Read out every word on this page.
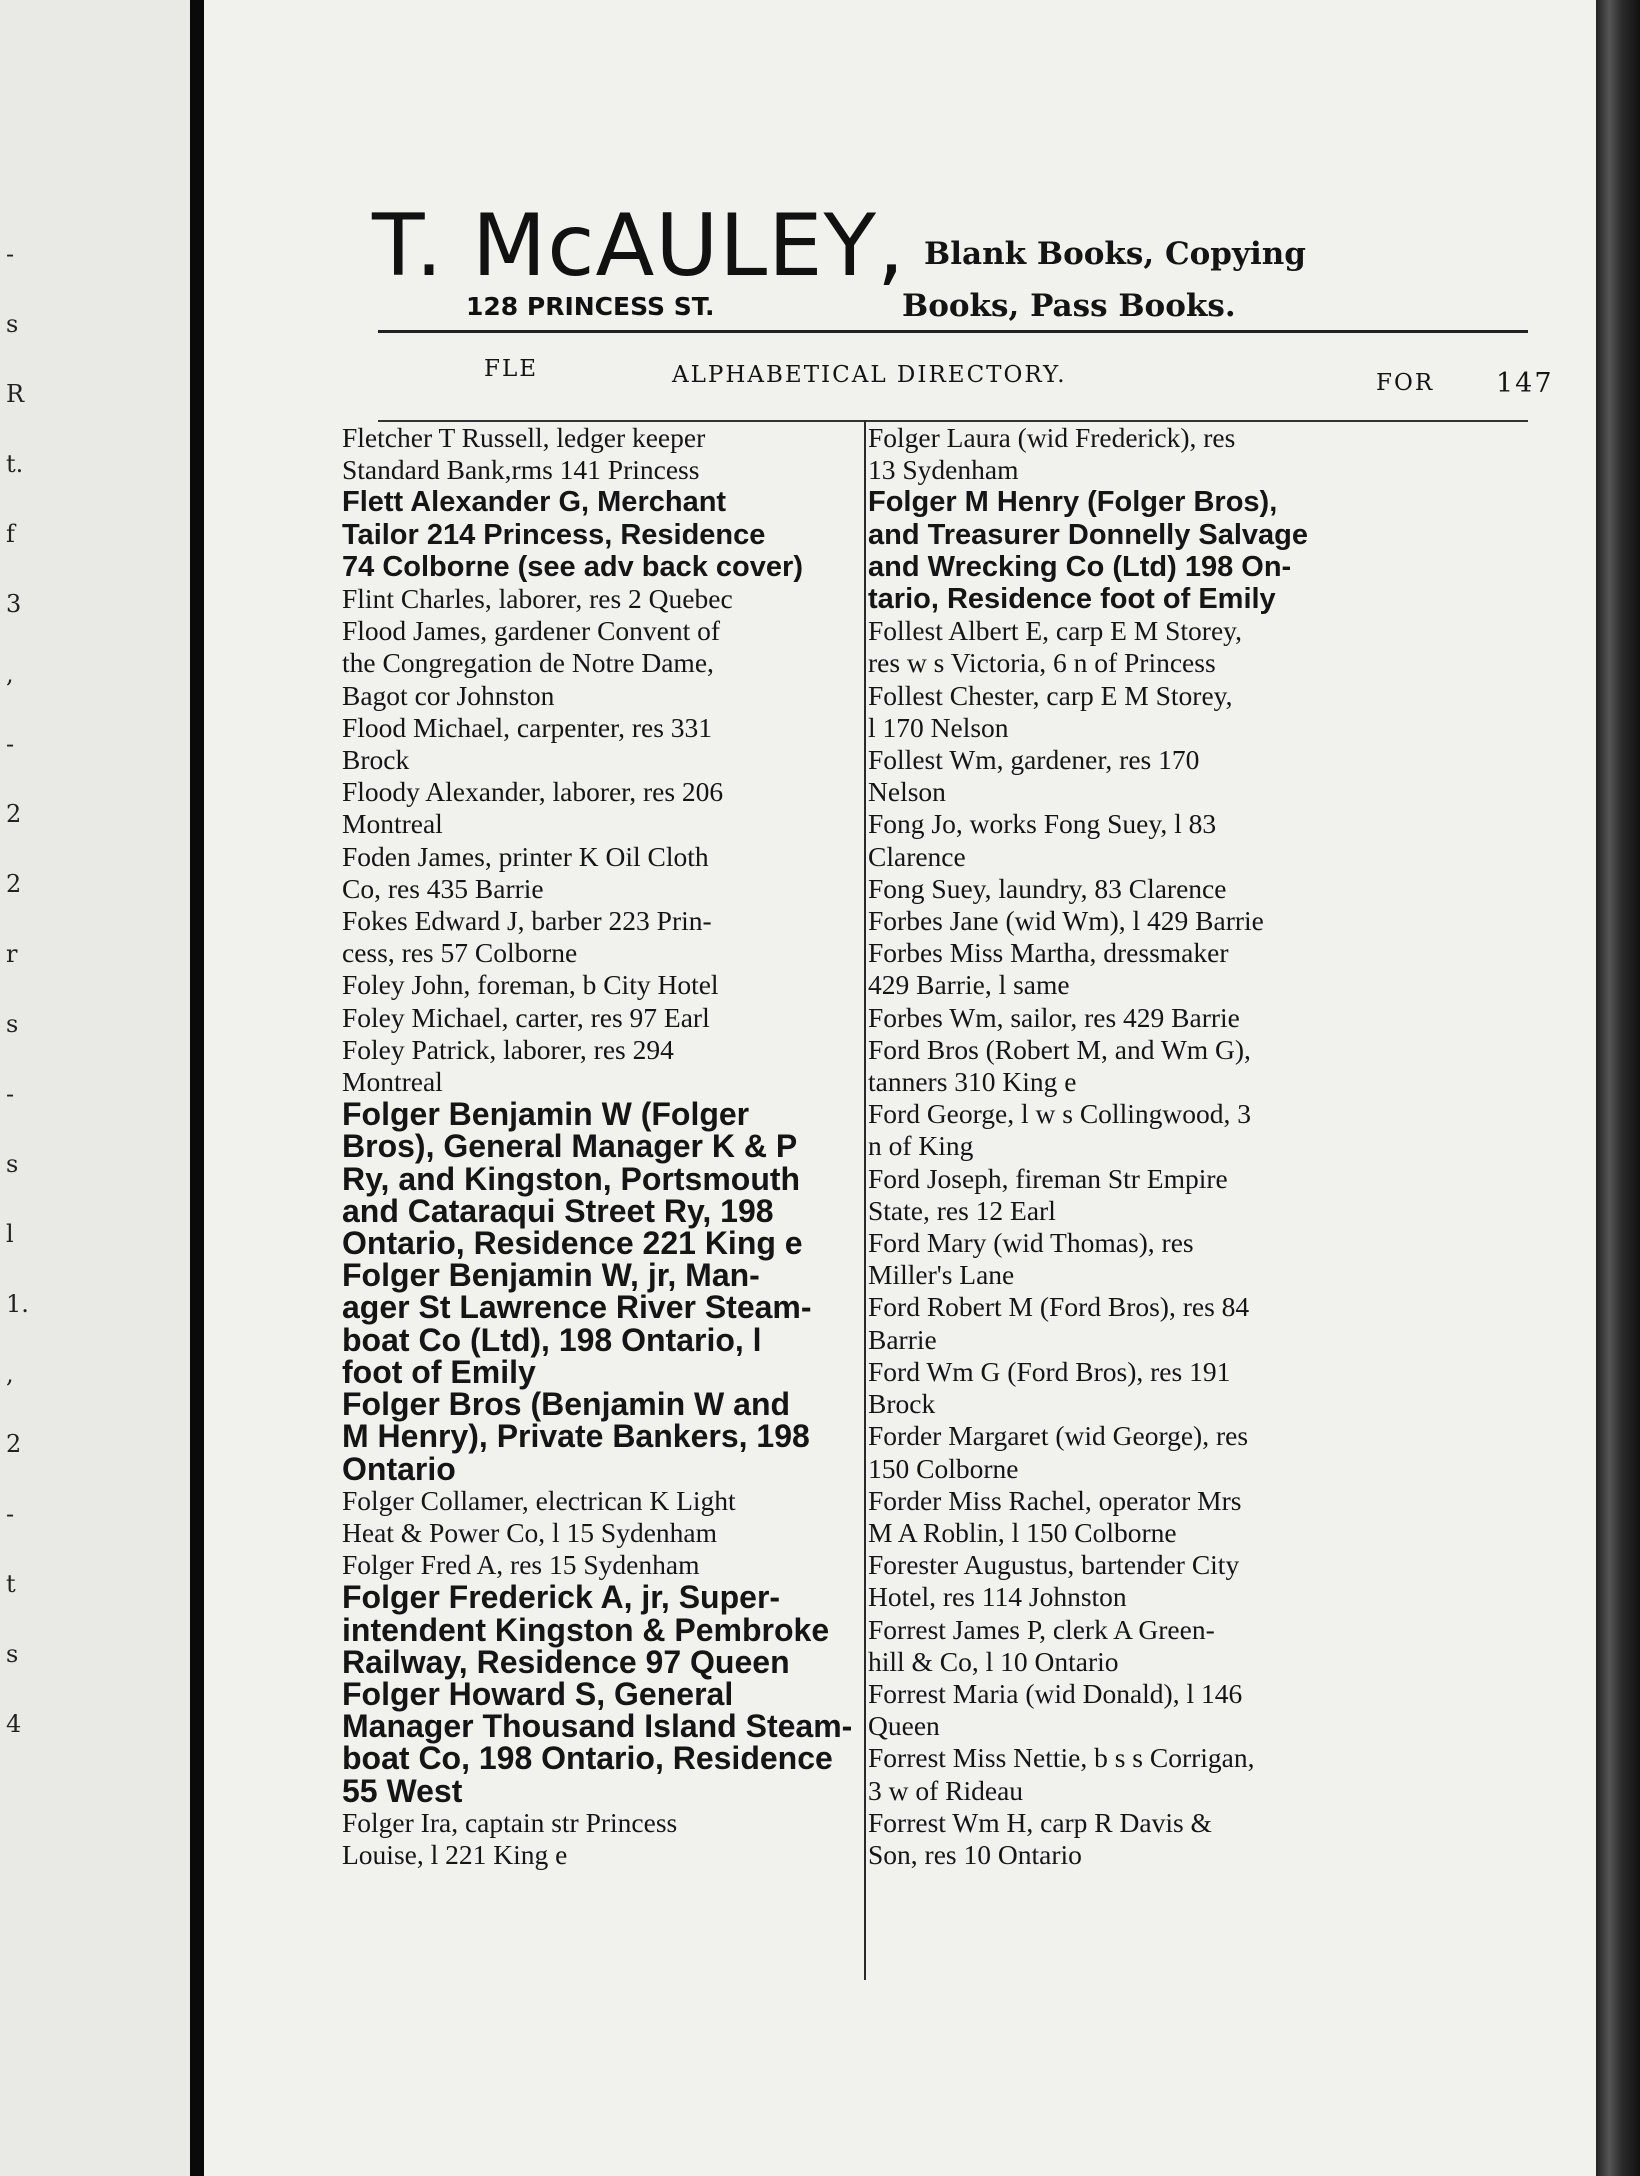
-
s
R
t.
f
3
,
-
2
2
r
s
-
s
l
1.
,
2
-
t
s
4
T. McAULEY,
128 PRINCESS ST.
Blank Books, Copying
Books, Pass Books.
FLE	ALPHABETICAL DIRECTORY.	FOR 147
Fletcher T Russell, ledger keeper
Standard Bank,rms 141 Princess
Flett Alexander G, Merchant
Tailor 214 Princess, Residence
74 Colborne (see adv back cover)
Flint Charles, laborer, res 2 Quebec
Flood James, gardener Convent of
the Congregation de Notre Dame,
Bagot cor Johnston
Flood Michael, carpenter, res 331
Brock
Floody Alexander, laborer, res 206
Montreal
Foden James, printer K Oil Cloth
Co, res 435 Barrie
Fokes Edward J, barber 223 Prin-
cess, res 57 Colborne
Foley John, foreman, b City Hotel
Foley Michael, carter, res 97 Earl
Foley Patrick, laborer, res 294
Montreal
Folger Benjamin W (Folger
Bros), General Manager K & P
Ry, and Kingston, Portsmouth
and Cataraqui Street Ry, 198
Ontario, Residence 221 King e
Folger Benjamin W, jr, Man-
ager St Lawrence River Steam-
boat Co (Ltd), 198 Ontario, l
foot of Emily
Folger Bros (Benjamin W and
M Henry), Private Bankers, 198
Ontario
Folger Collamer, electrican K Light
Heat & Power Co, l 15 Sydenham
Folger Fred A, res 15 Sydenham
Folger Frederick A, jr, Super-
intendent Kingston & Pembroke
Railway, Residence 97 Queen
Folger Howard S, General
Manager Thousand Island Steam-
boat Co, 198 Ontario, Residence
55 West
Folger Ira, captain str Princess
Louise, l 221 King e
Folger Laura (wid Frederick), res
13 Sydenham
Folger M Henry (Folger Bros),
and Treasurer Donnelly Salvage
and Wrecking Co (Ltd) 198 On-
tario, Residence foot of Emily
Follest Albert E, carp E M Storey,
res w s Victoria, 6 n of Princess
Follest Chester, carp E M Storey,
l 170 Nelson
Follest Wm, gardener, res 170
Nelson
Fong Jo, works Fong Suey, l 83
Clarence
Fong Suey, laundry, 83 Clarence
Forbes Jane (wid Wm), l 429 Barrie
Forbes Miss Martha, dressmaker
429 Barrie, l same
Forbes Wm, sailor, res 429 Barrie
Ford Bros (Robert M, and Wm G),
tanners 310 King e
Ford George, l w s Collingwood, 3
n of King
Ford Joseph, fireman Str Empire
State, res 12 Earl
Ford Mary (wid Thomas), res
Miller's Lane
Ford Robert M (Ford Bros), res 84
Barrie
Ford Wm G (Ford Bros), res 191
Brock
Forder Margaret (wid George), res
150 Colborne
Forder Miss Rachel, operator Mrs
M A Roblin, l 150 Colborne
Forester Augustus, bartender City
Hotel, res 114 Johnston
Forrest James P, clerk A Green-
hill & Co, l 10 Ontario
Forrest Maria (wid Donald), l 146
Queen
Forrest Miss Nettie, b s s Corrigan,
3 w of Rideau
Forrest Wm H, carp R Davis &
Son, res 10 Ontario
